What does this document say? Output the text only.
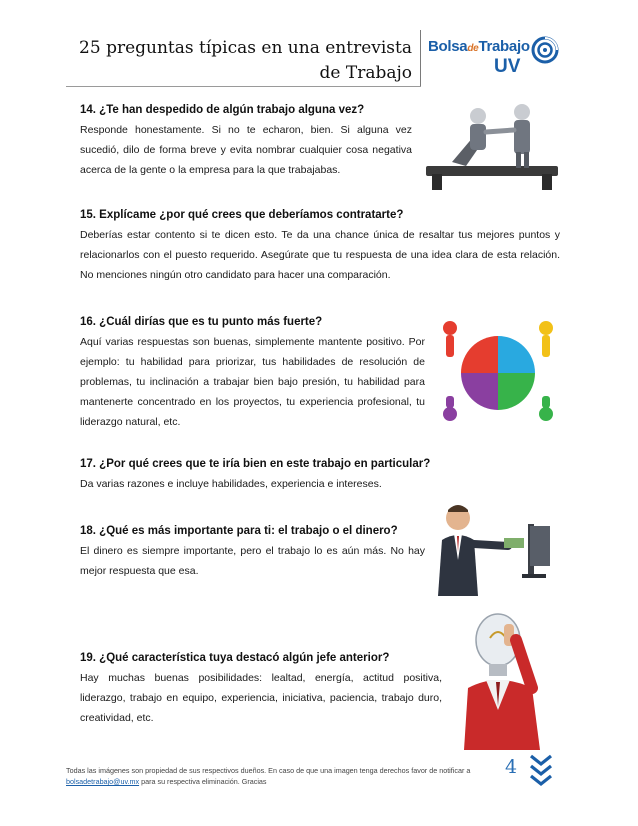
25 preguntas típicas en una entrevista de Trabajo
BolsadeTrabajo
UV
14. ¿Te han despedido de algún trabajo alguna vez?

Responde honestamente. Si no te echaron, bien. Si alguna vez sucedió, dilo de forma breve y evita nombrar cualquier cosa negativa acerca de la gente o la empresa para la que trabajabas.

15. Explícame ¿por qué crees que deberíamos contratarte?

Deberías estar contento si te dicen esto. Te da una chance única de resaltar tus mejores puntos y relacionarlos con el puesto requerido. Asegúrate que tu respuesta de una idea clara de esta relación. No menciones ningún otro candidato para hacer una comparación.

16. ¿Cuál dirías que es tu punto más fuerte?

Aquí varias respuestas son buenas, simplemente mantente positivo. Por ejemplo: tu habilidad para priorizar, tus habilidades de resolución de problemas, tu inclinación a trabajar bien bajo presión, tu habilidad para mantenerte concentrado en los proyectos, tu experiencia profesional, tu liderazgo natural, etc.

17. ¿Por qué crees que te iría bien en este trabajo en particular?

Da varias razones e incluye habilidades, experiencia e intereses.

18. ¿Qué es más importante para ti: el trabajo o el dinero?

El dinero es siempre importante, pero el trabajo lo es aún más. No hay mejor respuesta que esa.

19. ¿Qué característica tuya destacó algún jefe anterior?

Hay muchas buenas posibilidades: lealtad, energía, actitud positiva, liderazgo, trabajo en equipo, experiencia, iniciativa, paciencia, trabajo duro, creatividad, etc.

Todas las imágenes son propiedad de sus respectivos dueños. En caso de que una imagen tenga derechos favor de notificar a bolsadetrabajo@uv.mx para su respectiva eliminación. Gracias
4
